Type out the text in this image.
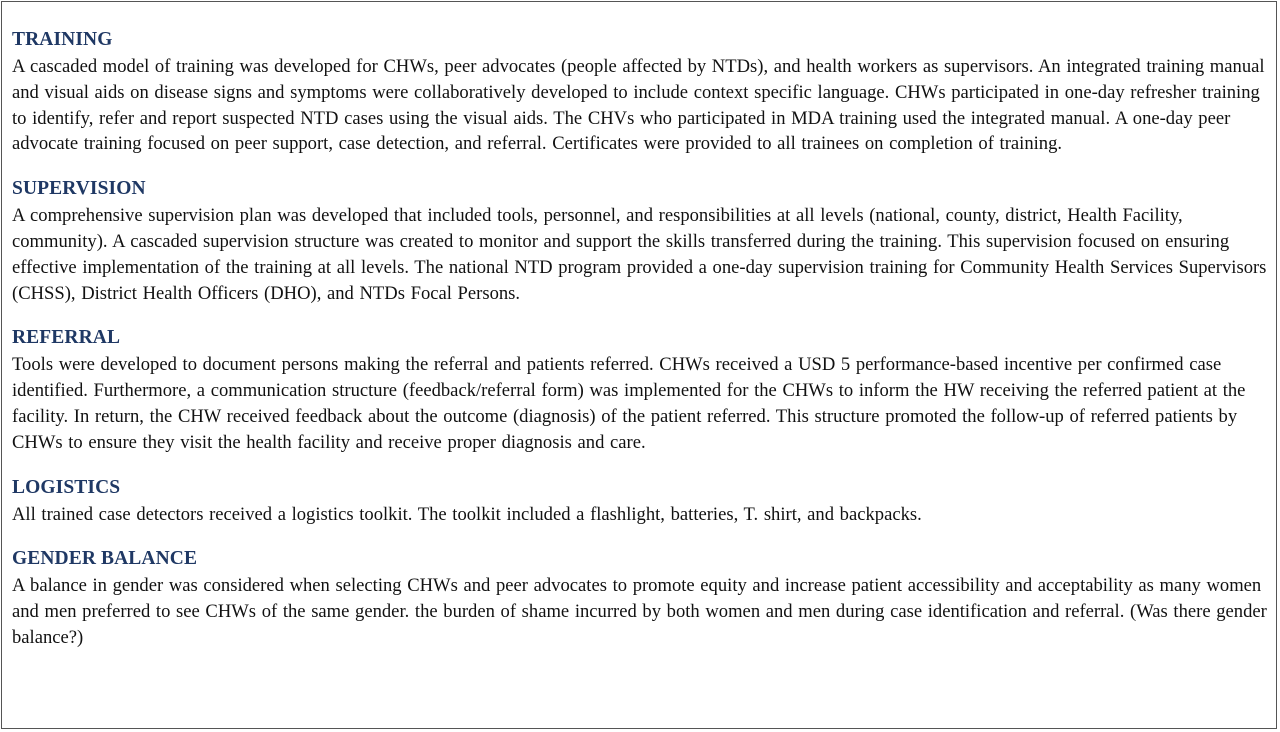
TRAINING

A cascaded model of training was developed for CHWs, peer advocates (people affected by NTDs), and health workers as supervisors. An integrated training manual and visual aids on disease signs and symptoms were collaboratively developed to include context specific language. CHWs participated in one-day refresher training to identify, refer and report suspected NTD cases using the visual aids. The CHVs who participated in MDA training used the integrated manual. A one-day peer advocate training focused on peer support, case detection, and referral. Certificates were provided to all trainees on completion of training.

SUPERVISION

A comprehensive supervision plan was developed that included tools, personnel, and responsibilities at all levels (national, county, district, Health Facility, community). A cascaded supervision structure was created to monitor and support the skills transferred during the training. This supervision focused on ensuring effective implementation of the training at all levels. The national NTD program provided a one-day supervision training for Community Health Services Supervisors (CHSS), District Health Officers (DHO), and NTDs Focal Persons.

REFERRAL

Tools were developed to document persons making the referral and patients referred. CHWs received a USD 5 performance-based incentive per confirmed case identified. Furthermore, a communication structure (feedback/referral form) was implemented for the CHWs to inform the HW receiving the referred patient at the facility. In return, the CHW received feedback about the outcome (diagnosis) of the patient referred. This structure promoted the follow-up of referred patients by CHWs to ensure they visit the health facility and receive proper diagnosis and care.

LOGISTICS

All trained case detectors received a logistics toolkit. The toolkit included a flashlight, batteries, T. shirt, and backpacks.

GENDER BALANCE

A balance in gender was considered when selecting CHWs and peer advocates to promote equity and increase patient accessibility and acceptability as many women and men preferred to see CHWs of the same gender. the burden of shame incurred by both women and men during case identification and referral. (Was there gender balance?)
